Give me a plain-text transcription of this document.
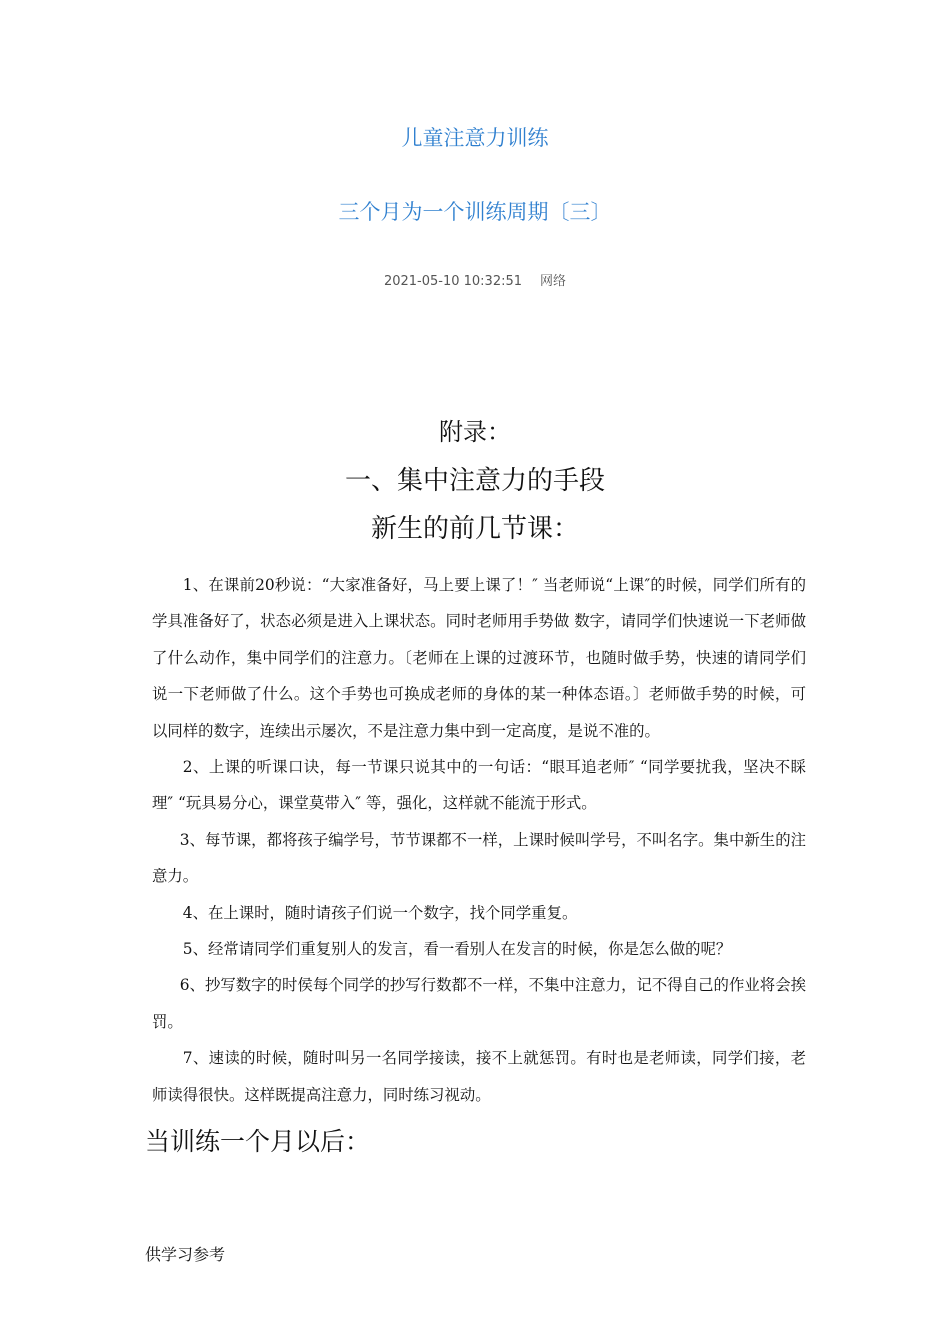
儿童注意力训练
三个月为一个训练周期〔三〕
2021-05-10 10:32:51 网络
附录：
一、集中注意力的手段
新生的前几节课：

1、在课前20秒说：“大家准备好，马上要上课了！″ 当老师说“上课″的时候，同学们所有的学具准备好了，状态必须是进入上课状态。同时老师用手势做 数字，请同学们快速说一下老师做了什么动作，集中同学们的注意力。〔老师在上课的过渡环节，也随时做手势，快速的请同学们说一下老师做了什么。这个手势也可换成老师的身体的某一种体态语。〕老师做手势的时候，可以同样的数字，连续出示屡次，不是注意力集中到一定高度，是说不准的。

2、上课的听课口诀，每一节课只说其中的一句话：“眼耳追老师″ “同学要扰我，坚决不睬理″ “玩具易分心，课堂莫带入″ 等，强化，这样就不能流于形式。

3、每节课，都将孩子编学号，节节课都不一样，上课时候叫学号，不叫名字。集中新生的注意力。

4、在上课时，随时请孩子们说一个数字，找个同学重复。

5、经常请同学们重复别人的发言，看一看别人在发言的时候，你是怎么做的呢？

6、抄写数字的时侯每个同学的抄写行数都不一样，不集中注意力，记不得自己的作业将会挨罚。

7、速读的时候，随时叫另一名同学接读，接不上就惩罚。有时也是老师读，同学们接，老师读得很快。这样既提高注意力，同时练习视动。

当训练一个月以后：
供学习参考
